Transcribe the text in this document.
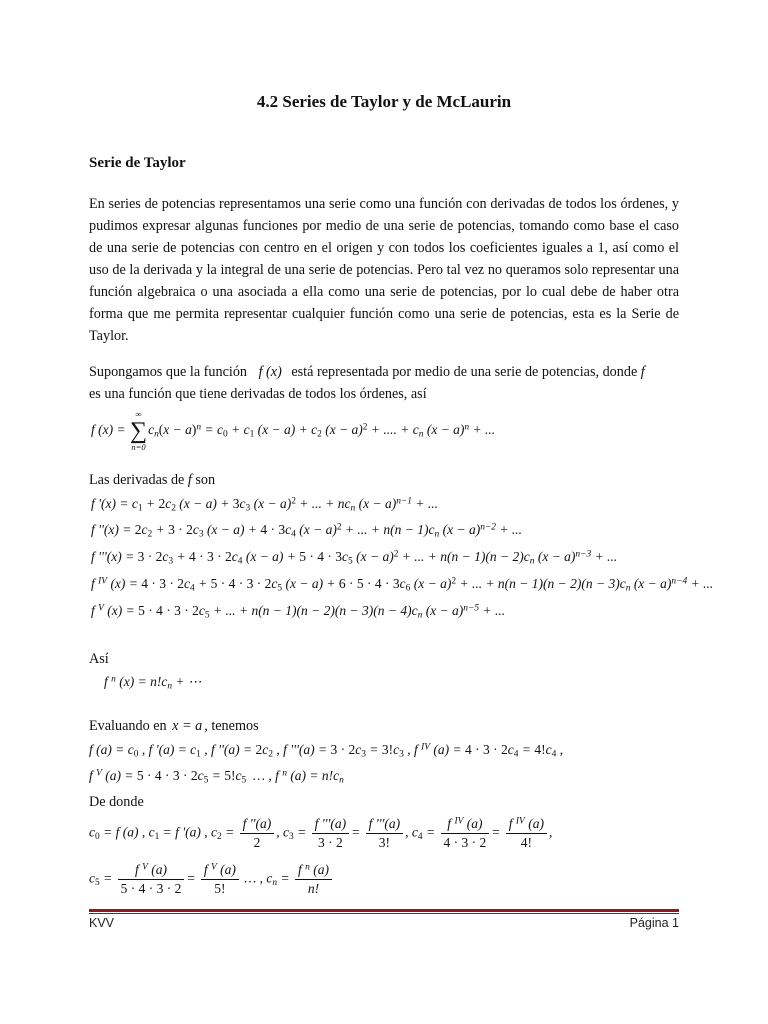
4.2 Series de Taylor y de McLaurin
Serie de Taylor
En series de potencias representamos una serie como una función con derivadas de todos los órdenes, y pudimos expresar algunas funciones por medio de una serie de potencias, tomando como base el caso de una serie de potencias con centro en el origen y con todos los coeficientes iguales a 1, así como el uso de la derivada y la integral de una serie de potencias. Pero tal vez no queramos solo representar una función algebraica o una asociada a ella como una serie de potencias, por lo cual debe de haber otra forma que me permita representar cualquier función como una serie de potencias, esta es la Serie de Taylor.
Supongamos que la función f (x) está representada por medio de una serie de potencias, donde f
es una función que tiene derivadas de todos los órdenes, así
f (x) =
∞
∑
n=0
$c_n(x - a)^n = c_0 + c_1$ $(x - a) + c_2$ $(x - a)^2$ + .... + $c_n$ $(x - a)^n$ + ...
Las derivadas de f son
f '$(x) = c_1 + 2c_2$ $(x - a) + 3c_3$ $(x - a)^2$ + ... + $nc_n$ $(x - a)^{n-1}$ + ...
f ''$(x) = 2c_2 + 3 \cdot 2c_3$ $(x - a) + 4 \cdot 3c_4$ $(x - a)^2$ + ... + $n(n - 1)c_n$ $(x - a)^{n-2}$ + ...
f '''$(x) = 3 \cdot 2c_3 + 4 \cdot 3 \cdot 2c_4$ $(x - a) + 5 \cdot 4 \cdot 3c_5$ $(x - a)^2$ + ... + $n(n - 1)(n - 2)c_n$ $(x - a)^{n-3}$ + ...
f $^{IV}$ $(x) = 4 \cdot 3 \cdot 2c_4 + 5 \cdot 4 \cdot 3 \cdot 2c_5$ $(x - a) + 6 \cdot 5 \cdot 4 \cdot 3c_6$ $(x - a)^2$ + ... + $n(n - 1)(n - 2)(n - 3)c_n$ $(x - a)^{n-4}$ + ...
f $^V$ $(x) = 5 \cdot 4 \cdot 3 \cdot 2c_5$ + ... + $n(n - 1)(n - 2)(n - 3)(n - 4)c_n$ $(x - a)^{n-5}$ + ...
Así
f $^n$ $(x) = n!c_n$ + ⋯
Evaluando en x = a , tenemos
f $(a) = c_0$ , f '$(a) = c_1$ , f ''$(a) = 2c_2$ , f '''$(a) = 3 \cdot 2c_3 = 3!c_3$ , f $^{IV}$ $(a) = 4 \cdot 3 \cdot 2c_4 = 4!c_4$ ,
f $^V$ $(a) = 5 \cdot 4 \cdot 3 \cdot 2c_5 = 5!c_5$  … , f $^n$ $(a) = n!c_n$
De donde
$c_0 = f$ (a) , $c_1 = f$ '(a) , $c_2 = \frac{f ''(a)}{2}$ , $c_3 = \frac{f '''(a)}{3 \cdot 2} = \frac{f '''(a)}{3!}$ , $c_4 = \frac{f ^{IV} (a)}{4 \cdot 3 \cdot 2} = \frac{f ^{IV} (a)}{4!}$ ,
$c_5 = \frac{f ^V (a)}{5 \cdot 4 \cdot 3 \cdot 2} = \frac{f ^V (a)}{5!}$ … , $c_n = \frac{f ^n (a)}{n!}$
KVV	Página 1
